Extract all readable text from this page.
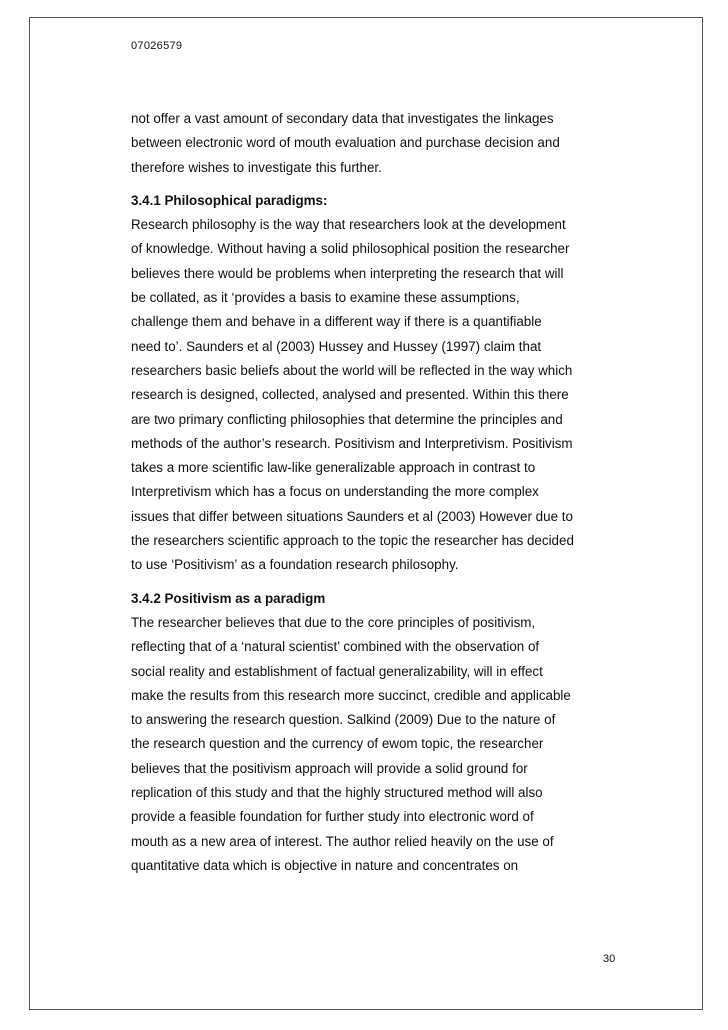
07026579
not offer a vast amount of secondary data that investigates the linkages
between electronic word of mouth evaluation and purchase decision and
therefore wishes to investigate this further.
3.4.1 Philosophical paradigms:
Research philosophy is the way that researchers look at the development
of knowledge. Without having a solid philosophical position the researcher
believes there would be problems when interpreting the research that will
be collated, as it ‘provides a basis to examine these assumptions,
challenge them and behave in a different way if there is a quantifiable
need to’. Saunders et al (2003) Hussey and Hussey (1997) claim that
researchers basic beliefs about the world will be reflected in the way which
research is designed, collected, analysed and presented. Within this there
are two primary conflicting philosophies that determine the principles and
methods of the author’s research. Positivism and Interpretivism. Positivism
takes a more scientific law-like generalizable approach in contrast to
Interpretivism which has a focus on understanding the more complex
issues that differ between situations Saunders et al (2003) However due to
the researchers scientific approach to the topic the researcher has decided
to use ‘Positivism’ as a foundation research philosophy.
3.4.2 Positivism as a paradigm
The researcher believes that due to the core principles of positivism,
reflecting that of a ‘natural scientist’ combined with the observation of
social reality and establishment of factual generalizability, will in effect
make the results from this research more succinct, credible and applicable
to answering the research question. Salkind (2009) Due to the nature of
the research question and the currency of ewom topic, the researcher
believes that the positivism approach will provide a solid ground for
replication of this study and that the highly structured method will also
provide a feasible foundation for further study into electronic word of
mouth as a new area of interest. The author relied heavily on the use of
quantitative data which is objective in nature and concentrates on
30
